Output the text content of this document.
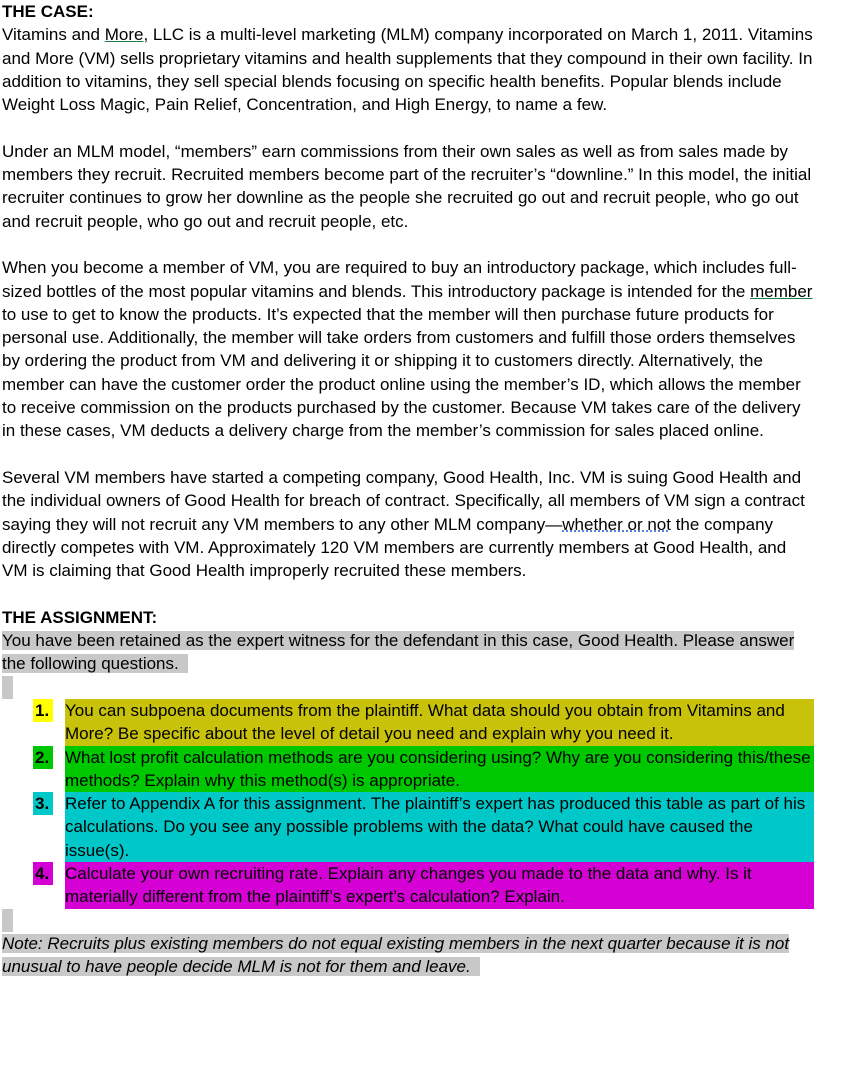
THE CASE:

Vitamins and More, LLC is a multi-level marketing (MLM) company incorporated on March 1, 2011. Vitamins and More (VM) sells proprietary vitamins and health supplements that they compound in their own facility. In addition to vitamins, they sell special blends focusing on specific health benefits. Popular blends include Weight Loss Magic, Pain Relief, Concentration, and High Energy, to name a few.

Under an MLM model, “members” earn commissions from their own sales as well as from sales made by members they recruit. Recruited members become part of the recruiter’s “downline.” In this model, the initial recruiter continues to grow her downline as the people she recruited go out and recruit people, who go out and recruit people, who go out and recruit people, etc.

When you become a member of VM, you are required to buy an introductory package, which includes full-sized bottles of the most popular vitamins and blends. This introductory package is intended for the member to use to get to know the products. It’s expected that the member will then purchase future products for personal use. Additionally, the member will take orders from customers and fulfill those orders themselves by ordering the product from VM and delivering it or shipping it to customers directly. Alternatively, the member can have the customer order the product online using the member’s ID, which allows the member to receive commission on the products purchased by the customer. Because VM takes care of the delivery in these cases, VM deducts a delivery charge from the member’s commission for sales placed online.

Several VM members have started a competing company, Good Health, Inc. VM is suing Good Health and the individual owners of Good Health for breach of contract. Specifically, all members of VM sign a contract saying they will not recruit any VM members to any other MLM company—whether or not the company directly competes with VM. Approximately 120 VM members are currently members at Good Health, and VM is claiming that Good Health improperly recruited these members.

THE ASSIGNMENT:

You have been retained as the expert witness for the defendant in this case, Good Health. Please answer the following questions.

1. You can subpoena documents from the plaintiff. What data should you obtain from Vitamins and More? Be specific about the level of detail you need and explain why you need it.
2. What lost profit calculation methods are you considering using? Why are you considering this/these methods? Explain why this method(s) is appropriate.
3. Refer to Appendix A for this assignment. The plaintiff’s expert has produced this table as part of his calculations. Do you see any possible problems with the data? What could have caused the issue(s).
4. Calculate your own recruiting rate. Explain any changes you made to the data and why. Is it materially different from the plaintiff’s expert’s calculation? Explain.

Note: Recruits plus existing members do not equal existing members in the next quarter because it is not unusual to have people decide MLM is not for them and leave.
